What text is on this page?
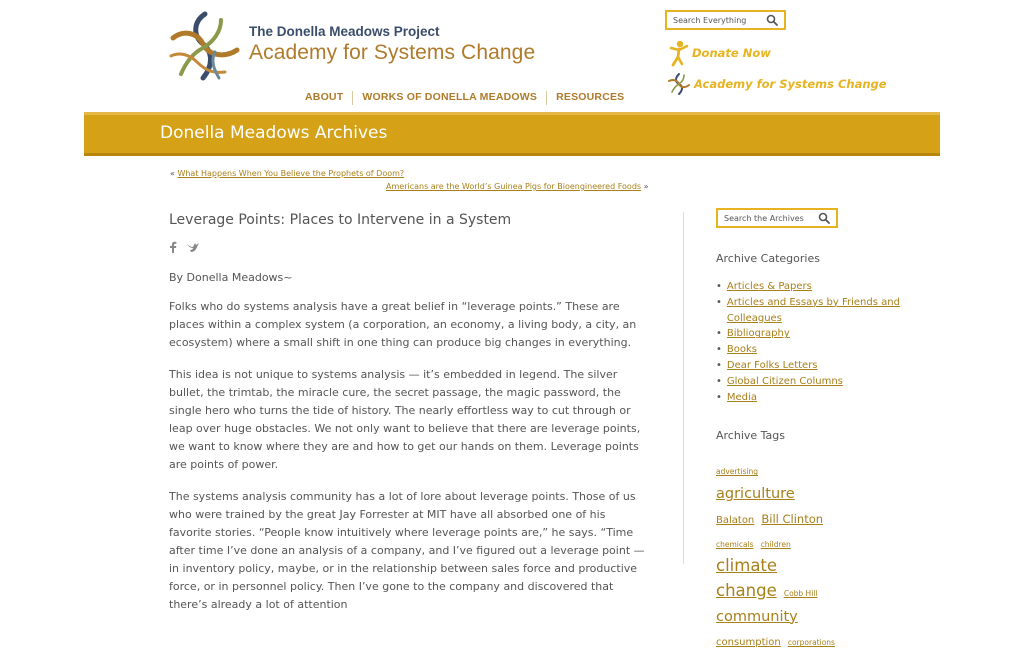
The Donella Meadows Project
Academy for Systems Change
Search Everything	Donate Now
Academy for Systems Change
ABOUT	WORKS OF DONELLA MEADOWS	RESOURCES
Donella Meadows Archives
« What Happens When You Believe the Prophets of Doom?
Americans are the World’s Guinea Pigs for Bioengineered Foods »
Leverage Points: Places to Intervene in a System

By Donella Meadows~

Folks who do systems analysis have a great belief in “leverage points.” These are places within a complex system (a corporation, an economy, a living body, a city, an ecosystem) where a small shift in one thing can produce big changes in everything.

This idea is not unique to systems analysis — it’s embedded in legend. The silver bullet, the trimtab, the miracle cure, the secret passage, the magic password, the single hero who turns the tide of history. The nearly effortless way to cut through or leap over huge obstacles. We not only want to believe that there are leverage points, we want to know where they are and how to get our hands on them. Leverage points are points of power.

The systems analysis community has a lot of lore about leverage points. Those of us who were trained by the great Jay Forrester at MIT have all absorbed one of his favorite stories. “People know intuitively where leverage points are,” he says. “Time after time I’ve done an analysis of a company, and I’ve figured out a leverage point — in inventory policy, maybe, or in the relationship between sales force and productive force, or in personnel policy. Then I’ve gone to the company and discovered that there’s already a lot of attention

Search the Archives
Archive Categories
• Articles & Papers
• Articles and Essays by Friends and Colleagues
• Bibliography
• Books
• Dear Folks Letters
• Global Citizen Columns
• Media
Archive Tags
advertising agriculture Balaton Bill Clinton chemicals children climate change Cobb Hill community consumption corporations
